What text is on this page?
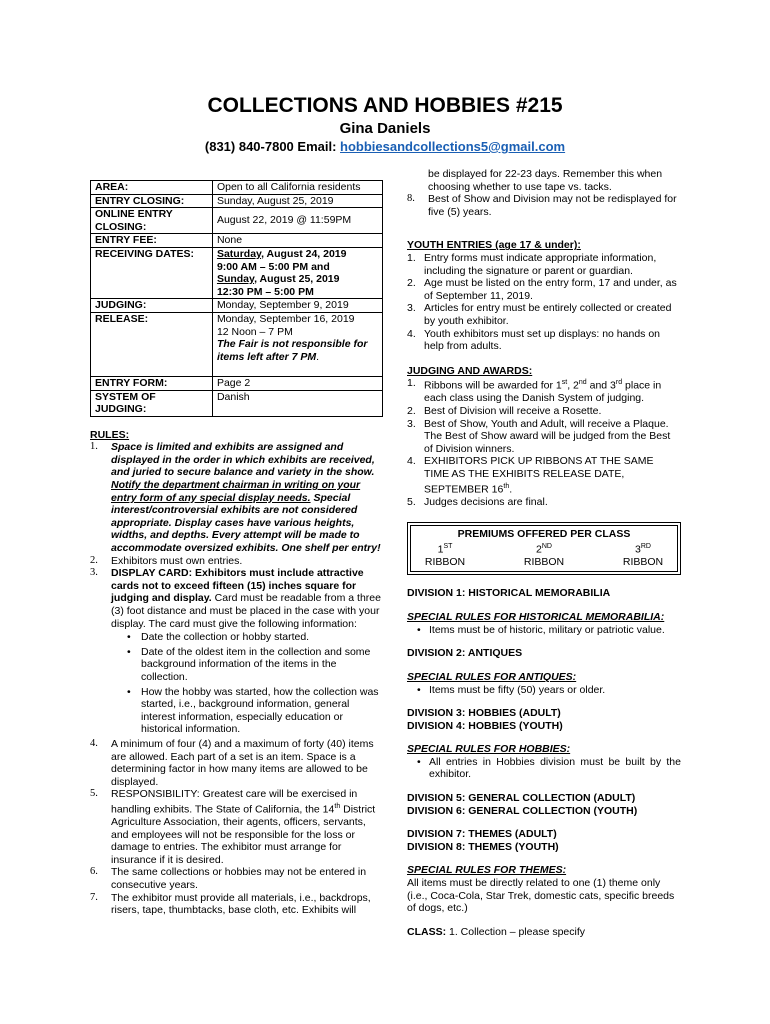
COLLECTIONS AND HOBBIES #215
Gina Daniels
(831) 840-7800 Email: hobbiesandcollections5@gmail.com
AREA:	Open to all California residents
ENTRY CLOSING:	Sunday, August 25, 2019
ONLINE ENTRY CLOSING:	August 22, 2019 @ 11:59PM
ENTRY FEE:	None
RECEIVING DATES:	Saturday, August 24, 2019
9:00 AM – 5:00 PM and
Sunday, August 25, 2019
12:30 PM – 5:00 PM
JUDGING:	Monday, September 9, 2019
RELEASE:	Monday, September 16, 2019
12 Noon – 7 PM
The Fair is not responsible for items left after 7 PM.

ENTRY FORM:	Page 2
SYSTEM OF JUDGING:	Danish
RULES:
1. Space is limited and exhibits are assigned and displayed in the order in which exhibits are received, and juried to secure balance and variety in the show. Notify the department chairman in writing on your entry form of any special display needs. Special interest/controversial exhibits are not considered appropriate. Display cases have various heights, widths, and depths. Every attempt will be made to accommodate oversized exhibits. One shelf per entry!
2. Exhibitors must own entries.
3. DISPLAY CARD: Exhibitors must include attractive cards not to exceed fifteen (15) inches square for judging and display. Card must be readable from a three (3) foot distance and must be placed in the case with your display. The card must give the following information:
• Date the collection or hobby started.
• Date of the oldest item in the collection and some background information of the items in the collection.
• How the hobby was started, how the collection was started, i.e., background information, general interest information, especially education or historical information.
4. A minimum of four (4) and a maximum of forty (40) items are allowed. Each part of a set is an item. Space is a determining factor in how many items are allowed to be displayed.
5. RESPONSIBILITY: Greatest care will be exercised in handling exhibits. The State of California, the 14th District Agriculture Association, their agents, officers, servants, and employees will not be responsible for the loss or damage to entries. The exhibitor must arrange for insurance if it is desired.
6. The same collections or hobbies may not be entered in consecutive years.
7. The exhibitor must provide all materials, i.e., backdrops, risers, tape, thumbtacks, base cloth, etc. Exhibits will
be displayed for 22-23 days. Remember this when choosing whether to use tape vs. tacks.
8. Best of Show and Division may not be redisplayed for five (5) years.
YOUTH ENTRIES (age 17 & under):
1. Entry forms must indicate appropriate information, including the signature or parent or guardian.
2. Age must be listed on the entry form, 17 and under, as of September 11, 2019.
3. Articles for entry must be entirely collected or created by youth exhibitor.
4. Youth exhibitors must set up displays: no hands on help from adults.
JUDGING AND AWARDS:
1. Ribbons will be awarded for 1st, 2nd and 3rd place in each class using the Danish System of judging.
2. Best of Division will receive a Rosette.
3. Best of Show, Youth and Adult, will receive a Plaque. The Best of Show award will be judged from the Best of Division winners.
4. EXHIBITORS PICK UP RIBBONS AT THE SAME TIME AS THE EXHIBITS RELEASE DATE, SEPTEMBER 16th.
5. Judges decisions are final.
PREMIUMS OFFERED PER CLASS
1ST	2ND	3RD
RIBBON	RIBBON	RIBBON
DIVISION 1: HISTORICAL MEMORABILIA
SPECIAL RULES FOR HISTORICAL MEMORABILIA:
• Items must be of historic, military or patriotic value.
DIVISION 2: ANTIQUES
SPECIAL RULES FOR ANTIQUES:
• Items must be fifty (50) years or older.
DIVISION 3: HOBBIES (ADULT)
DIVISION 4: HOBBIES (YOUTH)
SPECIAL RULES FOR HOBBIES:
• All entries in Hobbies division must be built by the exhibitor.
DIVISION 5: GENERAL COLLECTION (ADULT)
DIVISION 6: GENERAL COLLECTION (YOUTH)
DIVISION 7: THEMES (ADULT)
DIVISION 8: THEMES (YOUTH)
SPECIAL RULES FOR THEMES:
All items must be directly related to one (1) theme only (i.e., Coca-Cola, Star Trek, domestic cats, specific breeds of dogs, etc.)
CLASS: 1. Collection – please specify
